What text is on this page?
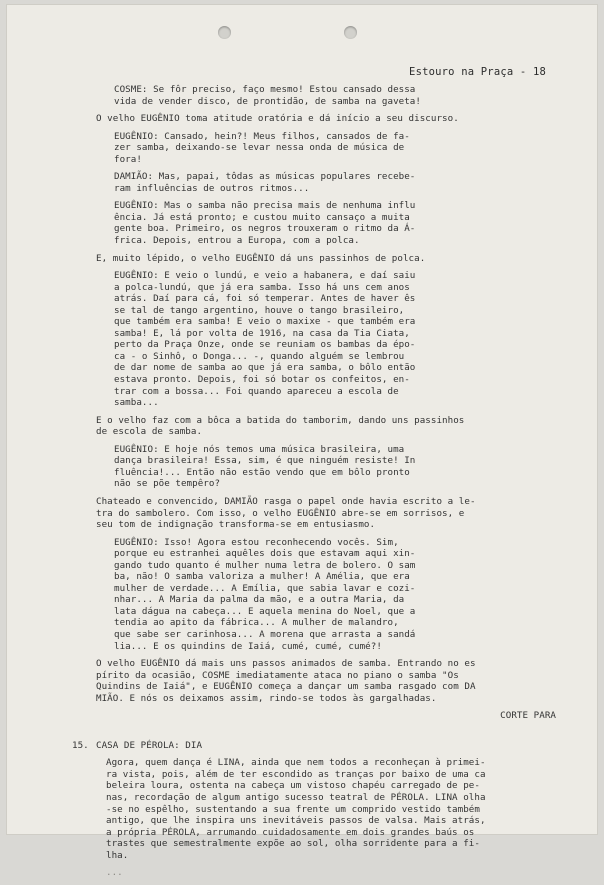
Estouro na Praça - 18

COSME: Se fôr preciso, faço mesmo! Estou cansado dessa
vida de vender disco, de prontidão, de samba na gaveta!

O velho EUGÊNIO toma atitude oratória e dá início a seu discurso.

EUGÊNIO: Cansado, hein?! Meus filhos, cansados de fa-
zer samba, deixando-se levar nessa onda de música de
fora!

DAMIÃO: Mas, papai, tôdas as músicas populares recebe-
ram influências de outros ritmos...

EUGÊNIO: Mas o samba não precisa mais de nenhuma influ
ência. Já está pronto; e custou muito cansaço a muita
gente boa. Primeiro, os negros trouxeram o ritmo da Á-
frica. Depois, entrou a Europa, com a polca.

E, muito lépido, o velho EUGÊNIO dá uns passinhos de polca.

EUGÊNIO: E veio o lundú, e veio a habanera, e daí saiu
a polca-lundú, que já era samba. Isso há uns cem anos
atrás. Daí para cá, foi só temperar. Antes de haver ês
se tal de tango argentino, houve o tango brasileiro,
que também era samba! E veio o maxixe - que também era
samba! E, lá por volta de 1916, na casa da Tia Ciata,
perto da Praça Onze, onde se reuniam os bambas da épo-
ca - o Sinhô, o Donga... -, quando alguém se lembrou
de dar nome de samba ao que já era samba, o bôlo então
estava pronto. Depois, foi só botar os confeitos, en-
trar com a bossa... Foi quando apareceu a escola de
samba...

E o velho faz com a bôca a batida do tamborim, dando uns passinhos
de escola de samba.

EUGÊNIO: E hoje nós temos uma música brasileira, uma
dança brasileira! Essa, sim, é que ninguém resiste! In
fluência!... Então não estão vendo que em bôlo pronto
não se põe tempêro?

Chateado e convencido, DAMIÃO rasga o papel onde havia escrito a le-
tra do sambolero. Com isso, o velho EUGÊNIO abre-se em sorrisos, e
seu tom de indignação transforma-se em entusiasmo.

EUGÊNIO: Isso! Agora estou reconhecendo vocês. Sim,
porque eu estranhei aquêles dois que estavam aqui xin-
gando tudo quanto é mulher numa letra de bolero. O sam
ba, não! O samba valoriza a mulher! A Amélia, que era
mulher de verdade... A Emília, que sabia lavar e cozi-
nhar... A Maria da palma da mão, e a outra Maria, da
lata dágua na cabeça... E aquela menina do Noel, que a
tendia ao apito da fábrica... A mulher de malandro,
que sabe ser carinhosa... A morena que arrasta a sandá
lia... E os quindins de Iaiá, cumé, cumé, cumé?!

O velho EUGÊNIO dá mais uns passos animados de samba. Entrando no es
pírito da ocasião, COSME imediatamente ataca no piano o samba "Os
Quindins de Iaiá", e EUGÊNIO começa a dançar um samba rasgado com DA
MIÃO. E nós os deixamos assim, rindo-se todos às gargalhadas.

CORTE PARA

15. CASA DE PÉROLA: DIA

Agora, quem dança é LINA, ainda que nem todos a reconheçan à primei-
ra vista, pois, além de ter escondido as tranças por baixo de uma ca
beleira loura, ostenta na cabeça um vistoso chapéu carregado de pe-
nas, recordação de algum antigo sucesso teatral de PÉROLA. LINA olha
-se no espêlho, sustentando a sua frente um comprido vestido também
antigo, que lhe inspira uns inevitáveis passos de valsa. Mais atrás,
a própria PÉROLA, arrumando cuidadosamente em dois grandes baús os
trastes que semestralmente expõe ao sol, olha sorridente para a fi-
lha.

...
